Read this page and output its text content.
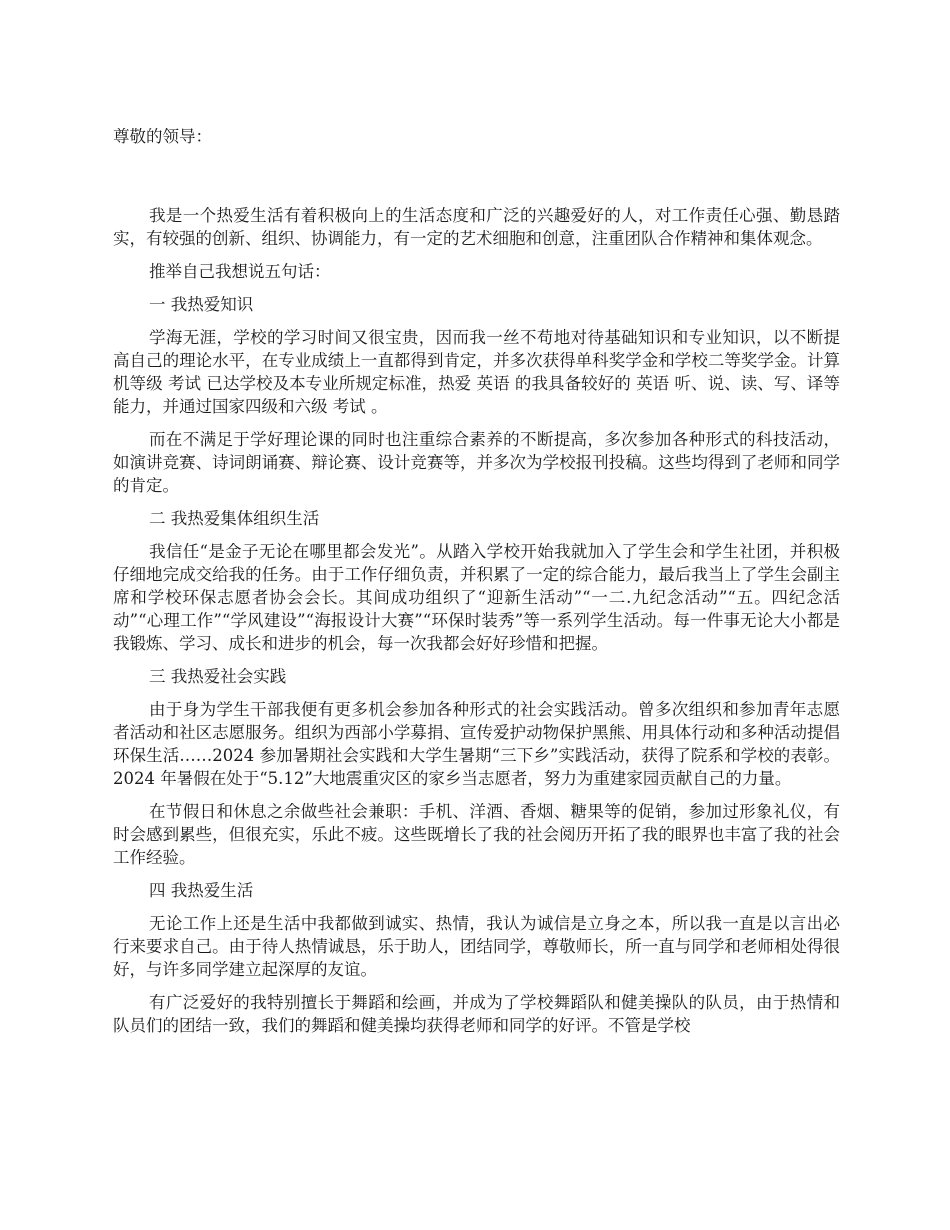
尊敬的领导：

我是一个热爱生活有着积极向上的生活态度和广泛的兴趣爱好的人，对工作责任心强、勤恳踏实，有较强的创新、组织、协调能力，有一定的艺术细胞和创意，注重团队合作精神和集体观念。

推举自己我想说五句话：

一 我热爱知识

学海无涯，学校的学习时间又很宝贵，因而我一丝不苟地对待基础知识和专业知识，以不断提高自己的理论水平，在专业成绩上一直都得到肯定，并多次获得单科奖学金和学校二等奖学金。计算机等级 考试 已达学校及本专业所规定标准，热爱 英语 的我具备较好的 英语 听、说、读、写、译等能力，并通过国家四级和六级 考试 。

而在不满足于学好理论课的同时也注重综合素养的不断提高，多次参加各种形式的科技活动，如演讲竞赛、诗词朗诵赛、辩论赛、设计竞赛等，并多次为学校报刊投稿。这些均得到了老师和同学的肯定。

二 我热爱集体组织生活

我信任“是金子无论在哪里都会发光”。从踏入学校开始我就加入了学生会和学生社团，并积极仔细地完成交给我的任务。由于工作仔细负责，并积累了一定的综合能力，最后我当上了学生会副主席和学校环保志愿者协会会长。其间成功组织了“迎新生活动”“一二.九纪念活动”“五。四纪念活动”“心理工作”“学风建设”“海报设计大赛”“环保时装秀”等一系列学生活动。每一件事无论大小都是我锻炼、学习、成长和进步的机会，每一次我都会好好珍惜和把握。

三 我热爱社会实践

由于身为学生干部我便有更多机会参加各种形式的社会实践活动。曾多次组织和参加青年志愿者活动和社区志愿服务。组织为西部小学募捐、宣传爱护动物保护黑熊、用具体行动和多种活动提倡环保生活……2024 参加暑期社会实践和大学生暑期“三下乡”实践活动，获得了院系和学校的表彰。2024 年暑假在处于“5.12”大地震重灾区的家乡当志愿者，努力为重建家园贡献自己的力量。

在节假日和休息之余做些社会兼职：手机、洋酒、香烟、糖果等的促销，参加过形象礼仪，有时会感到累些，但很充实，乐此不疲。这些既增长了我的社会阅历开拓了我的眼界也丰富了我的社会工作经验。

四 我热爱生活

无论工作上还是生活中我都做到诚实、热情，我认为诚信是立身之本，所以我一直是以言出必行来要求自己。由于待人热情诚恳，乐于助人，团结同学，尊敬师长，所一直与同学和老师相处得很好，与许多同学建立起深厚的友谊。

有广泛爱好的我特别擅长于舞蹈和绘画，并成为了学校舞蹈队和健美操队的队员，由于热情和队员们的团结一致，我们的舞蹈和健美操均获得老师和同学的好评。不管是学校
